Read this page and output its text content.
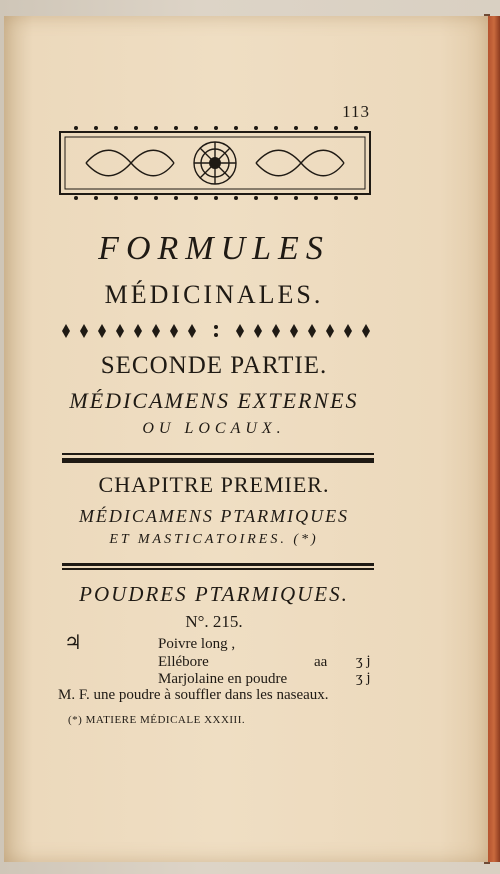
113
FORMULES
MÉDICINALES.
SECONDE PARTIE.
MÉDICAMENS EXTERNES
OU LOCAUX.
CHAPITRE PREMIER.
MÉDICAMENS PTARMIQUES
ET MASTICATOIRES. (*)
POUDRES PTARMIQUES.
N°. 215.
♃	Poivre long ,
Ellébore
Marjolaine en poudre
aa ʒ j
ʒ j
M. F. une poudre à souffler dans les naseaux.
(*) MATIERE MÉDICALE XXXIII.
